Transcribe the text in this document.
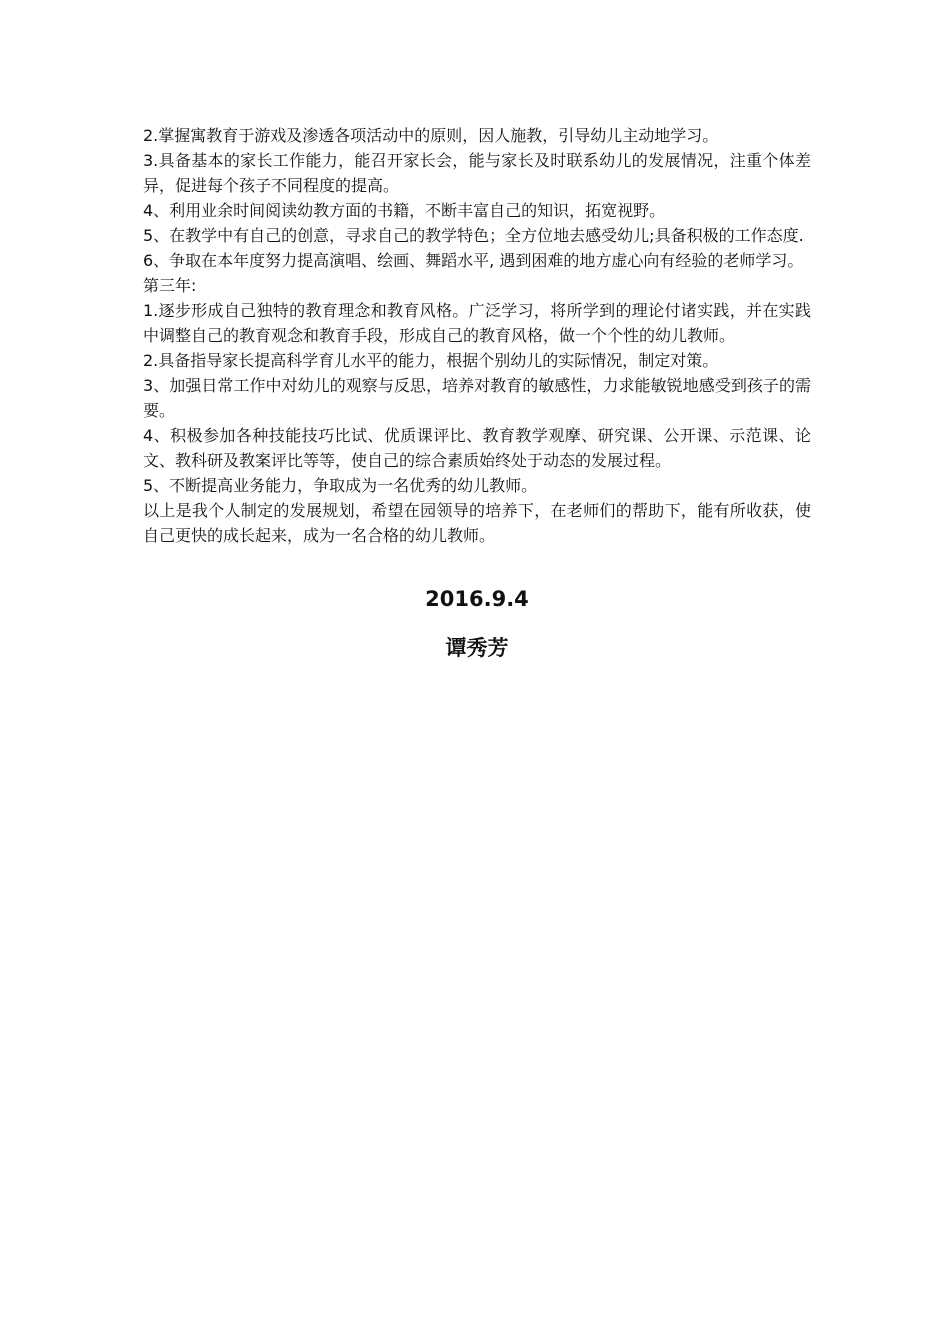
2.掌握寓教育于游戏及渗透各项活动中的原则，因人施教，引导幼儿主动地学习。

3.具备基本的家长工作能力，能召开家长会，能与家长及时联系幼儿的发展情况，注重个体差异，促进每个孩子不同程度的提高。

4、利用业余时间阅读幼教方面的书籍，不断丰富自己的知识，拓宽视野。

5、在教学中有自己的创意，寻求自己的教学特色；全方位地去感受幼儿;具备积极的工作态度.

6、争取在本年度努力提高演唱、绘画、舞蹈水平, 遇到困难的地方虚心向有经验的老师学习。

第三年:

1.逐步形成自己独特的教育理念和教育风格。广泛学习，将所学到的理论付诸实践，并在实践中调整自己的教育观念和教育手段，形成自己的教育风格，做一个个性的幼儿教师。

2.具备指导家长提高科学育儿水平的能力，根据个别幼儿的实际情况，制定对策。

3、加强日常工作中对幼儿的观察与反思，培养对教育的敏感性，力求能敏锐地感受到孩子的需要。

4、积极参加各种技能技巧比试、优质课评比、教育教学观摩、研究课、公开课、示范课、论文、教科研及教案评比等等，使自己的综合素质始终处于动态的发展过程。

5、不断提高业务能力，争取成为一名优秀的幼儿教师。

以上是我个人制定的发展规划，希望在园领导的培养下，在老师们的帮助下，能有所收获，使自己更快的成长起来，成为一名合格的幼儿教师。

2016.9.4
谭秀芳
